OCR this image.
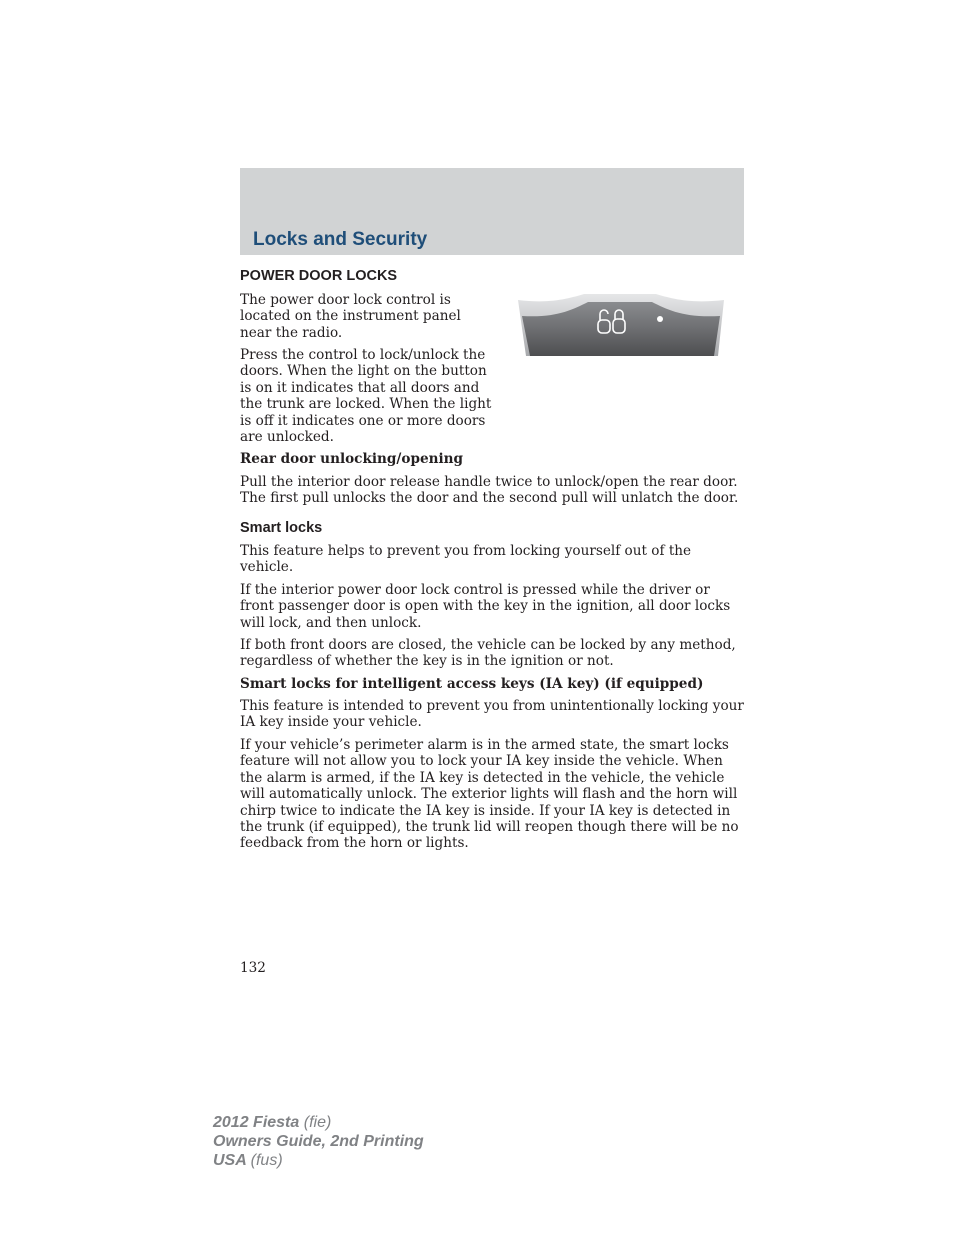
Locks and Security
POWER DOOR LOCKS

The power door lock control is located on the instrument panel near the radio.

Press the control to lock/unlock the doors. When the light on the button is on it indicates that all doors and the trunk are locked. When the light is off it indicates one or more doors are unlocked.

Rear door unlocking/opening

Pull the interior door release handle twice to unlock/open the rear door. The first pull unlocks the door and the second pull will unlatch the door.

Smart locks

This feature helps to prevent you from locking yourself out of the vehicle.

If the interior power door lock control is pressed while the driver or front passenger door is open with the key in the ignition, all door locks will lock, and then unlock.

If both front doors are closed, the vehicle can be locked by any method, regardless of whether the key is in the ignition or not.

Smart locks for intelligent access keys (IA key) (if equipped)

This feature is intended to prevent you from unintentionally locking your IA key inside your vehicle.

If your vehicle’s perimeter alarm is in the armed state, the smart locks feature will not allow you to lock your IA key inside the vehicle. When the alarm is armed, if the IA key is detected in the vehicle, the vehicle will automatically unlock. The exterior lights will flash and the horn will chirp twice to indicate the IA key is inside. If your IA key is detected in the trunk (if equipped), the trunk lid will reopen though there will be no feedback from the horn or lights.

132

2012 Fiesta (fie)
Owners Guide, 2nd Printing
USA (fus)
